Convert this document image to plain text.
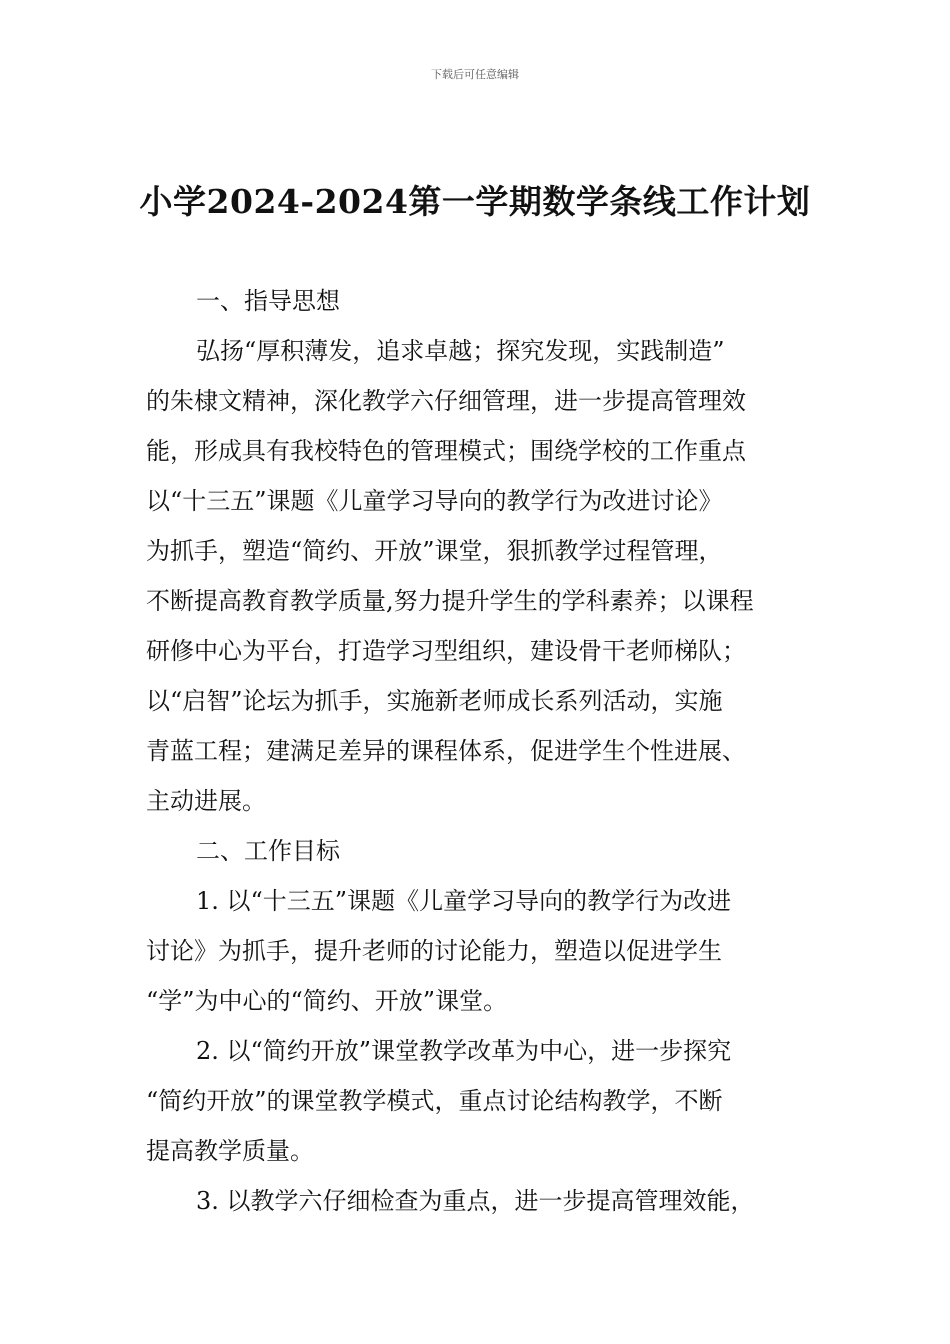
下载后可任意编辑
小学2024-2024第一学期数学条线工作计划

一、指导思想

弘扬“厚积薄发，追求卓越；探究发现，实践制造”
的朱棣文精神，深化教学六仔细管理，进一步提高管理效
能，形成具有我校特色的管理模式；围绕学校的工作重点
以“十三五”课题《儿童学习导向的教学行为改进讨论》
为抓手，塑造“简约、开放”课堂，狠抓教学过程管理，
不断提高教育教学质量,努力提升学生的学科素养；以课程
研修中心为平台，打造学习型组织，建设骨干老师梯队；
以“启智”论坛为抓手，实施新老师成长系列活动，实施
青蓝工程；建满足差异的课程体系，促进学生个性进展、
主动进展。

二、工作目标

1. 以“十三五”课题《儿童学习导向的教学行为改进
讨论》为抓手，提升老师的讨论能力，塑造以促进学生
“学”为中心的“简约、开放”课堂。

2. 以“简约开放”课堂教学改革为中心，进一步探究
“简约开放”的课堂教学模式，重点讨论结构教学，不断
提高教学质量。

3. 以教学六仔细检查为重点，进一步提高管理效能，
